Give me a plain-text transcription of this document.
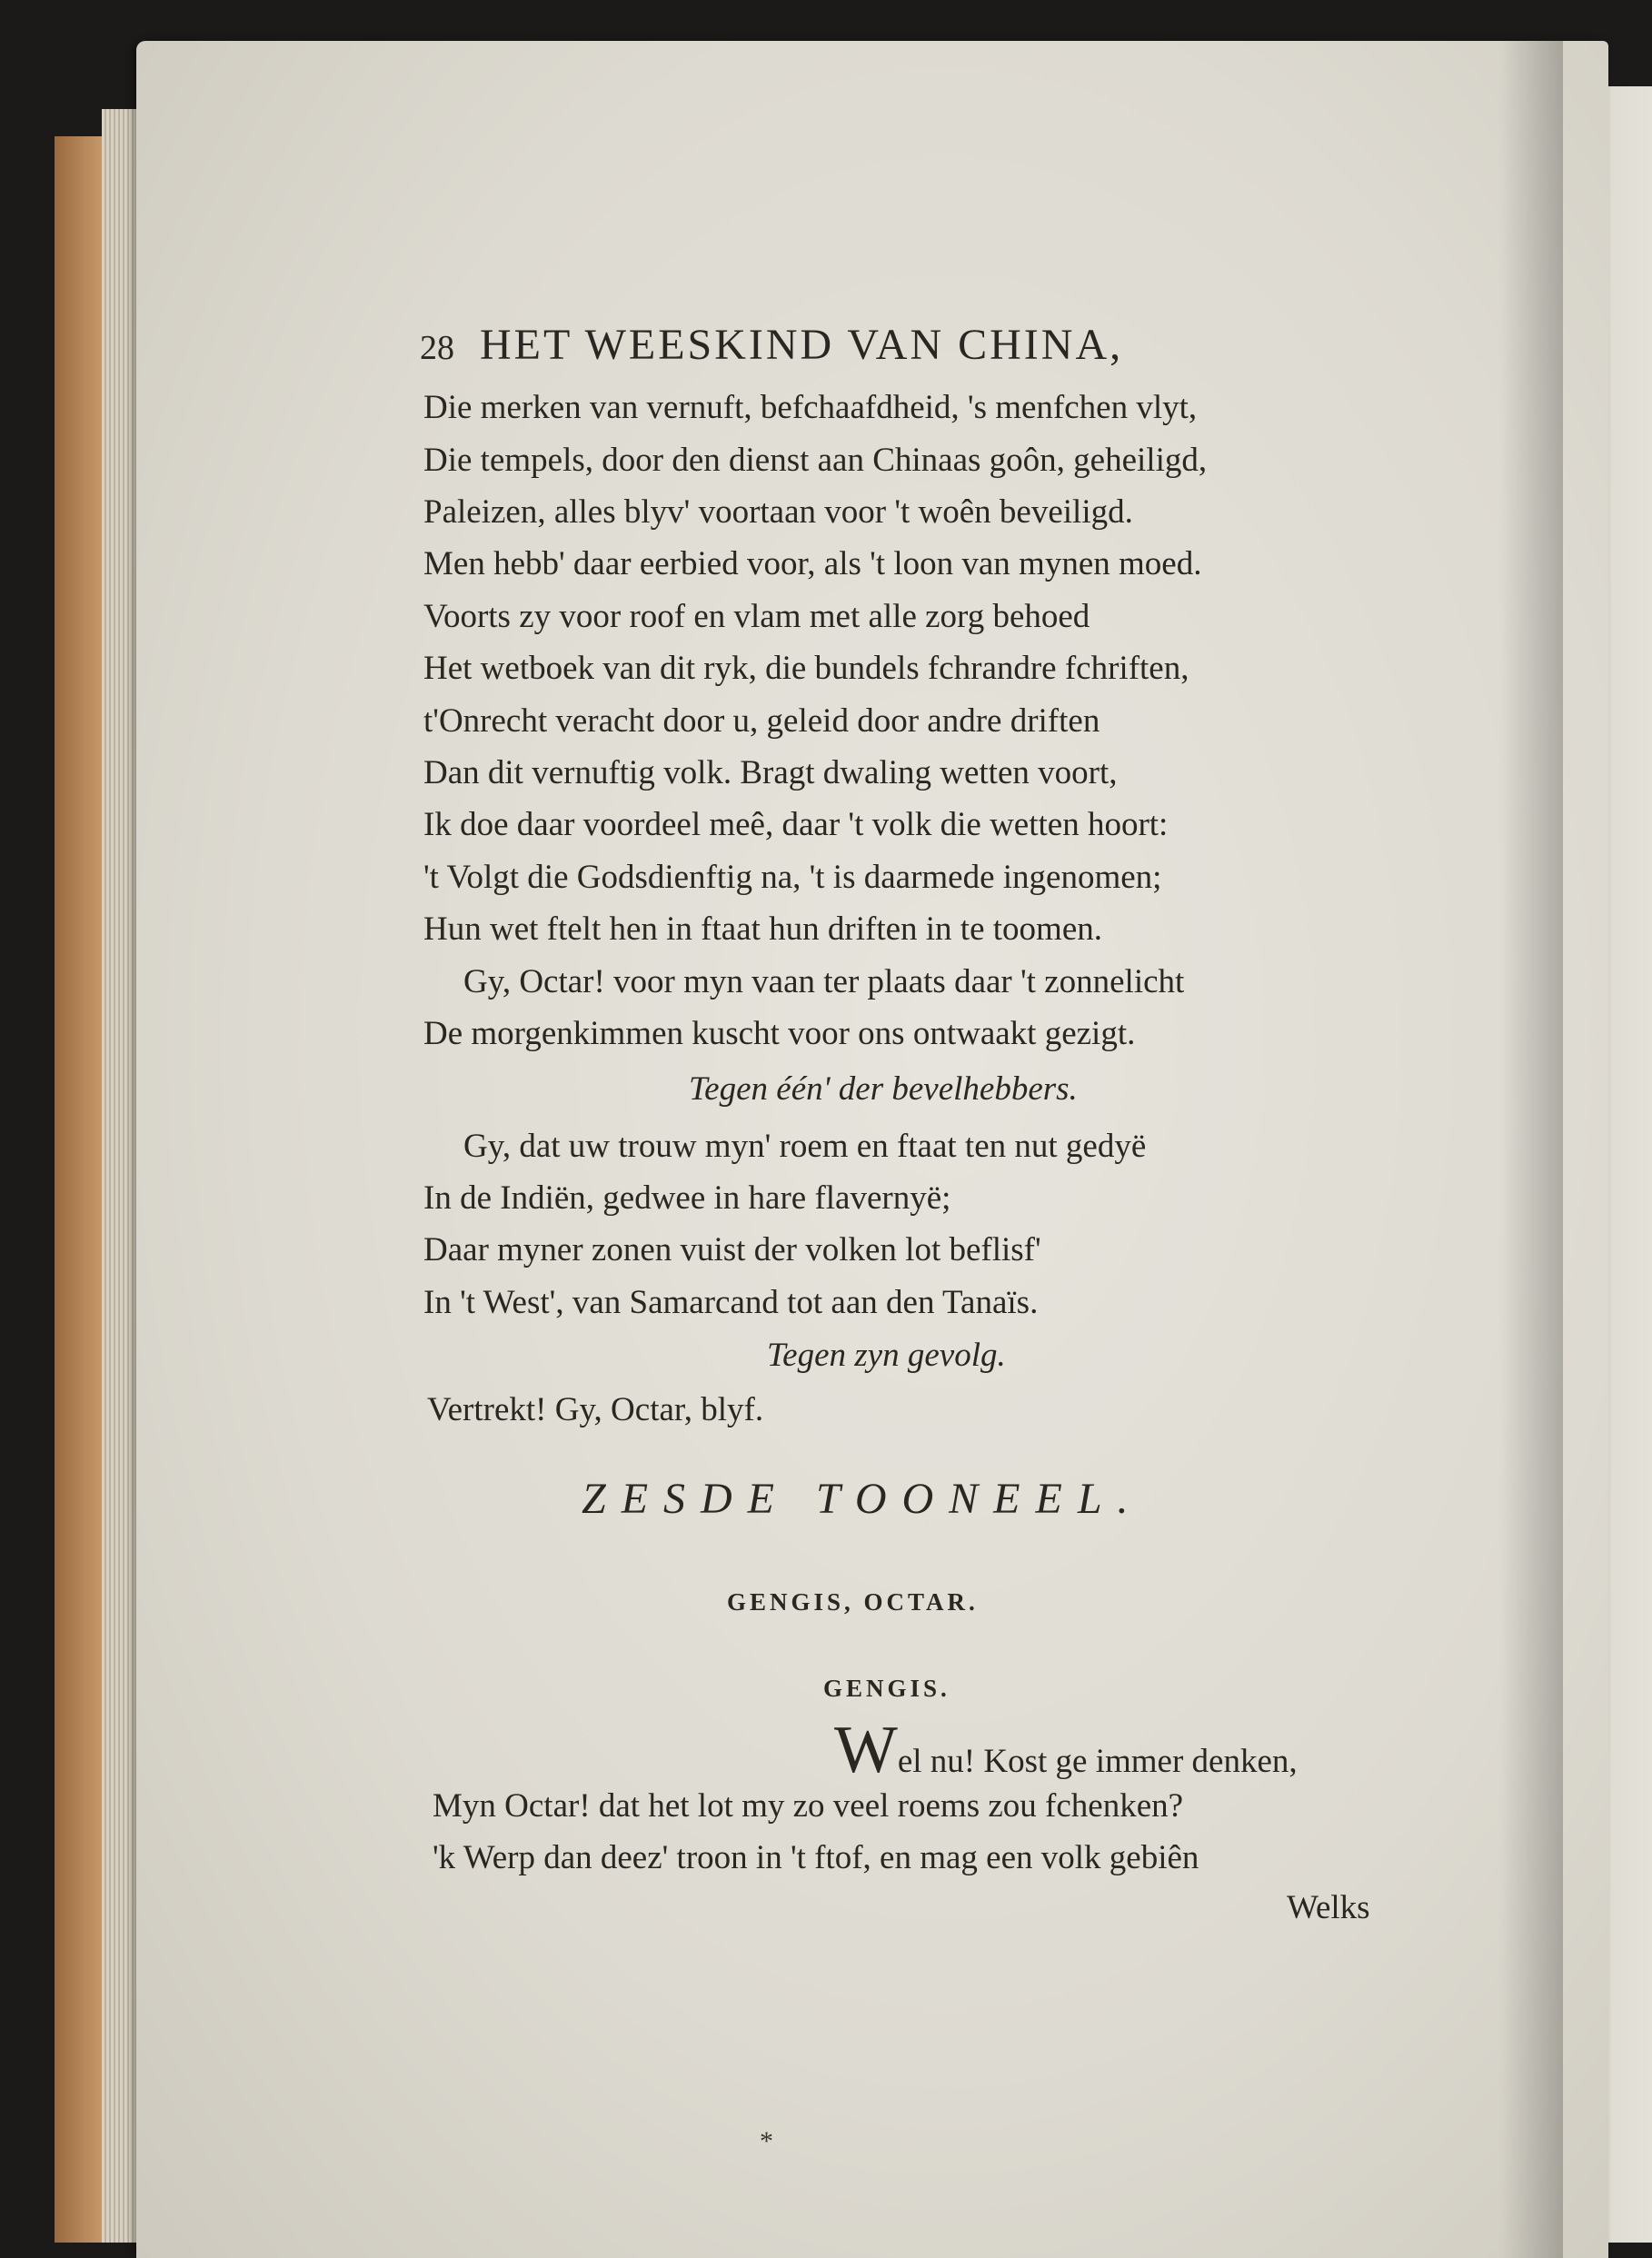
28 HET WEESKIND VAN CHINA,
Die merken van vernuft, befchaafdheid, 's menfchen vlyt,
Die tempels, door den dienst aan Chinaas goôn, geheiligd,
Paleizen, alles blyv' voortaan voor 't woên beveiligd.
Men hebb' daar eerbied voor, als 't loon van mynen moed.
Voorts zy voor roof en vlam met alle zorg behoed
Het wetboek van dit ryk, die bundels fchrandre fchriften,
t'Onrecht veracht door u, geleid door andre driften
Dan dit vernuftig volk. Bragt dwaling wetten voort,
Ik doe daar voordeel meê, daar 't volk die wetten hoort:
't Volgt die Godsdienftig na, 't is daarmede ingenomen;
Hun wet ftelt hen in ftaat hun driften in te toomen.
Gy, Octar! voor myn vaan ter plaats daar 't zonnelicht
De morgenkimmen kuscht voor ons ontwaakt gezigt.
Tegen één' der bevelhebbers.
Gy, dat uw trouw myn' roem en ftaat ten nut gedyë
In de Indiën, gedwee in hare flavernyë;
Daar myner zonen vuist der volken lot beflisf'
In 't West', van Samarcand tot aan den Tanaïs.
Tegen zyn gevolg.
Vertrekt! Gy, Octar, blyf.
ZESDE TOONEEL.
GENGIS, OCTAR.
GENGIS.
Wel nu! Kost ge immer denken,
Myn Octar! dat het lot my zo veel roems zou fchenken?
'k Werp dan deez' troon in 't ftof, en mag een volk gebiên
Welks
*
